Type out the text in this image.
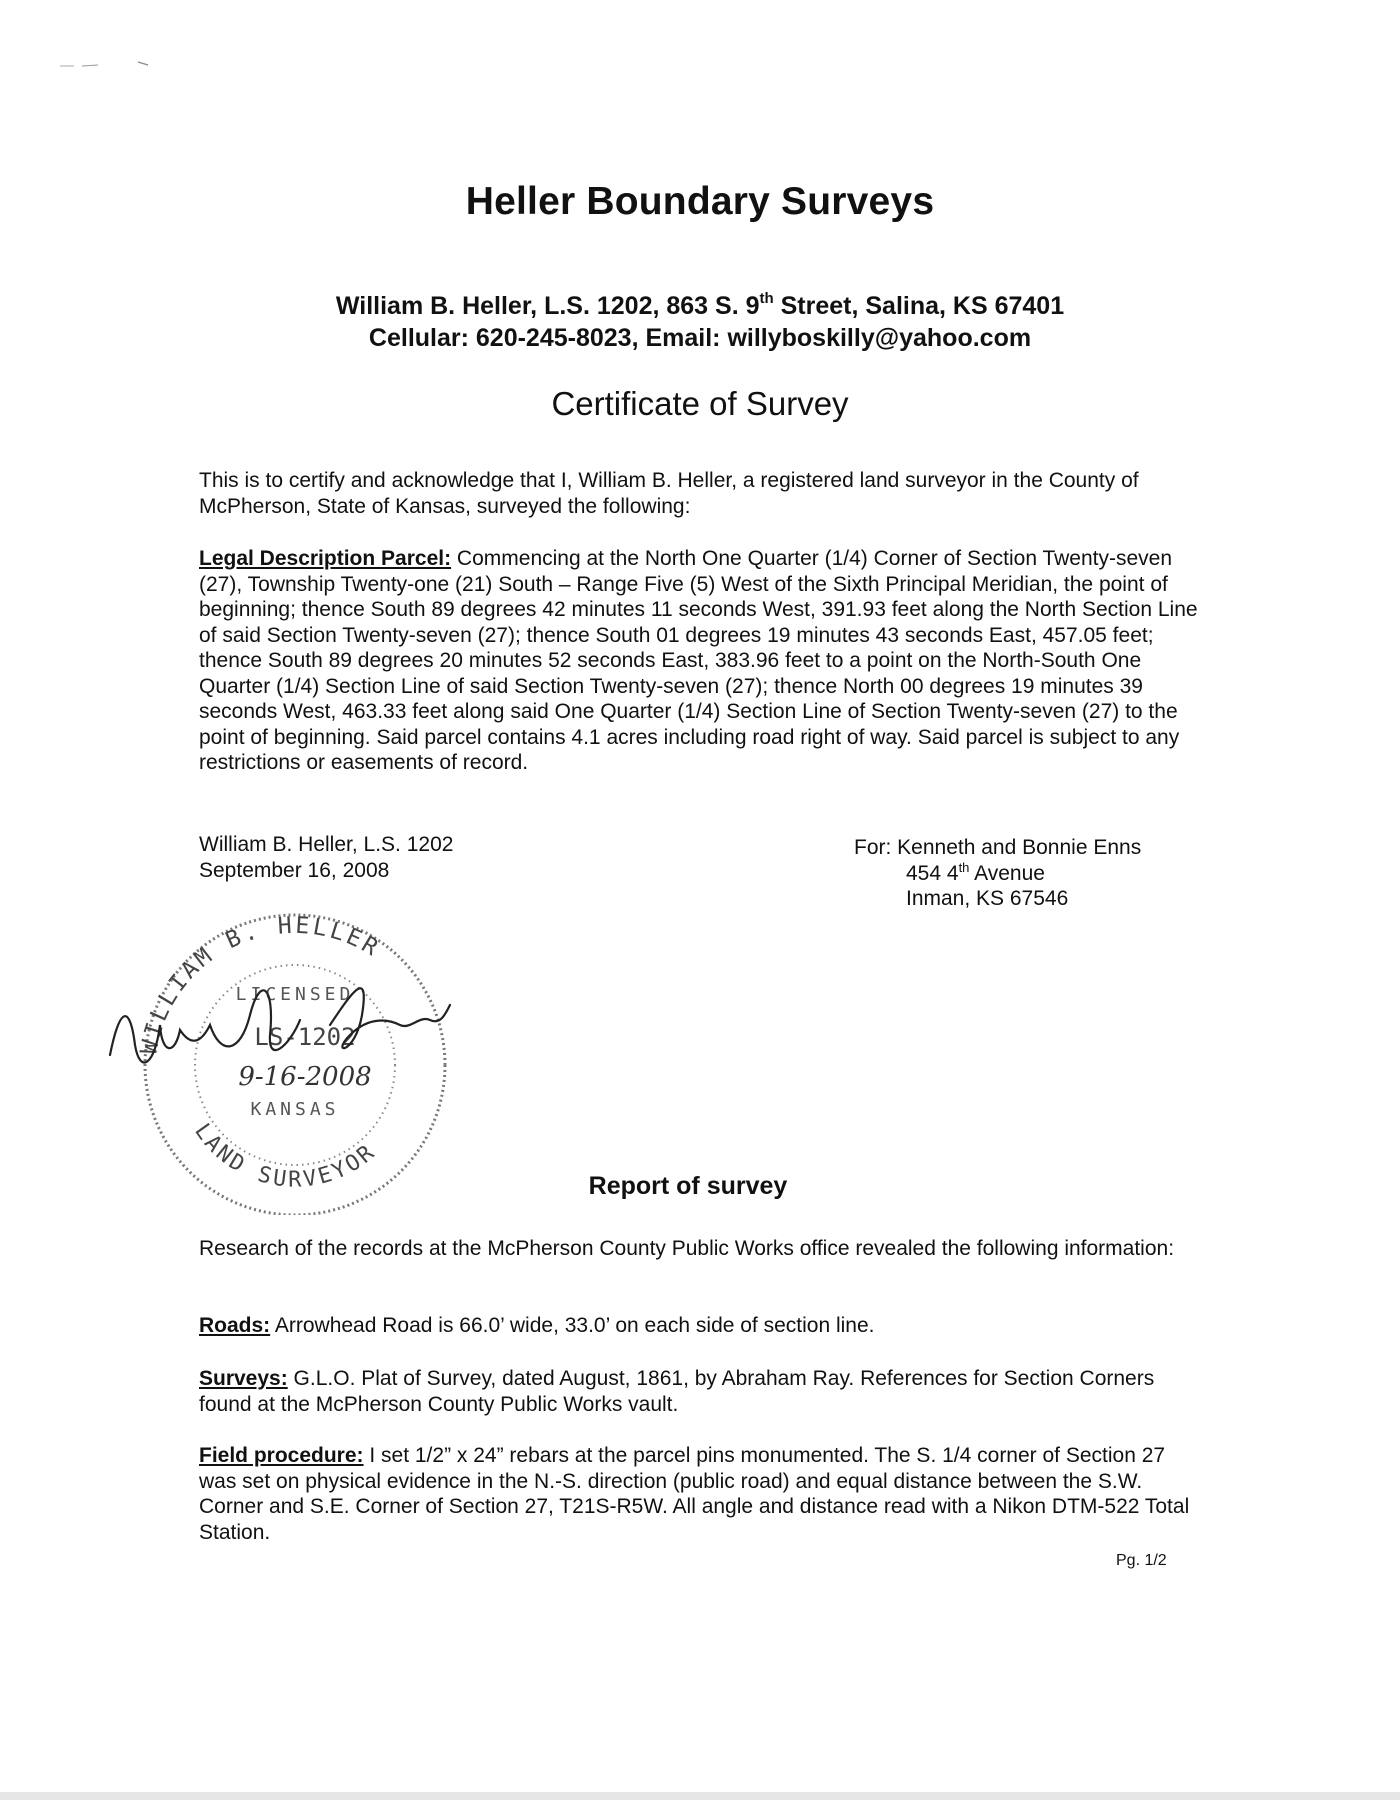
Heller Boundary Surveys
William B. Heller, L.S. 1202, 863 S. 9th Street, Salina, KS 67401
Cellular: 620-245-8023, Email: willyboskilly@yahoo.com
Certificate of Survey
This is to certify and acknowledge that I, William B. Heller, a registered land surveyor in the County of McPherson, State of Kansas, surveyed the following:
Legal Description Parcel: Commencing at the North One Quarter (1/4) Corner of Section Twenty-seven (27), Township Twenty-one (21) South – Range Five (5) West of the Sixth Principal Meridian, the point of beginning; thence South 89 degrees 42 minutes 11 seconds West, 391.93 feet along the North Section Line of said Section Twenty-seven (27); thence South 01 degrees 19 minutes 43 seconds East, 457.05 feet; thence South 89 degrees 20 minutes 52 seconds East, 383.96 feet to a point on the North-South One Quarter (1/4) Section Line of said Section Twenty-seven (27); thence North 00 degrees 19 minutes 39 seconds West, 463.33 feet along said One Quarter (1/4) Section Line of Section Twenty-seven (27) to the point of beginning. Said parcel contains 4.1 acres including road right of way. Said parcel is subject to any restrictions or easements of record.
William B. Heller, L.S. 1202
September 16, 2008
For: Kenneth and Bonnie Enns
454 4th Avenue
Inman, KS 67546
WILLIAM B. HELLER
LAND SURVEYOR
LICENSED
LS-1202
9-16-2008
KANSAS
Report of survey
Research of the records at the McPherson County Public Works office revealed the following information:
Roads: Arrowhead Road is 66.0’ wide, 33.0’ on each side of section line.
Surveys: G.L.O. Plat of Survey, dated August, 1861, by Abraham Ray. References for Section Corners found at the McPherson County Public Works vault.
Field procedure: I set 1/2” x 24” rebars at the parcel pins monumented. The S. 1/4 corner of Section 27 was set on physical evidence in the N.-S. direction (public road) and equal distance between the S.W. Corner and S.E. Corner of Section 27, T21S-R5W. All angle and distance read with a Nikon DTM-522 Total Station.
Pg. 1/2
